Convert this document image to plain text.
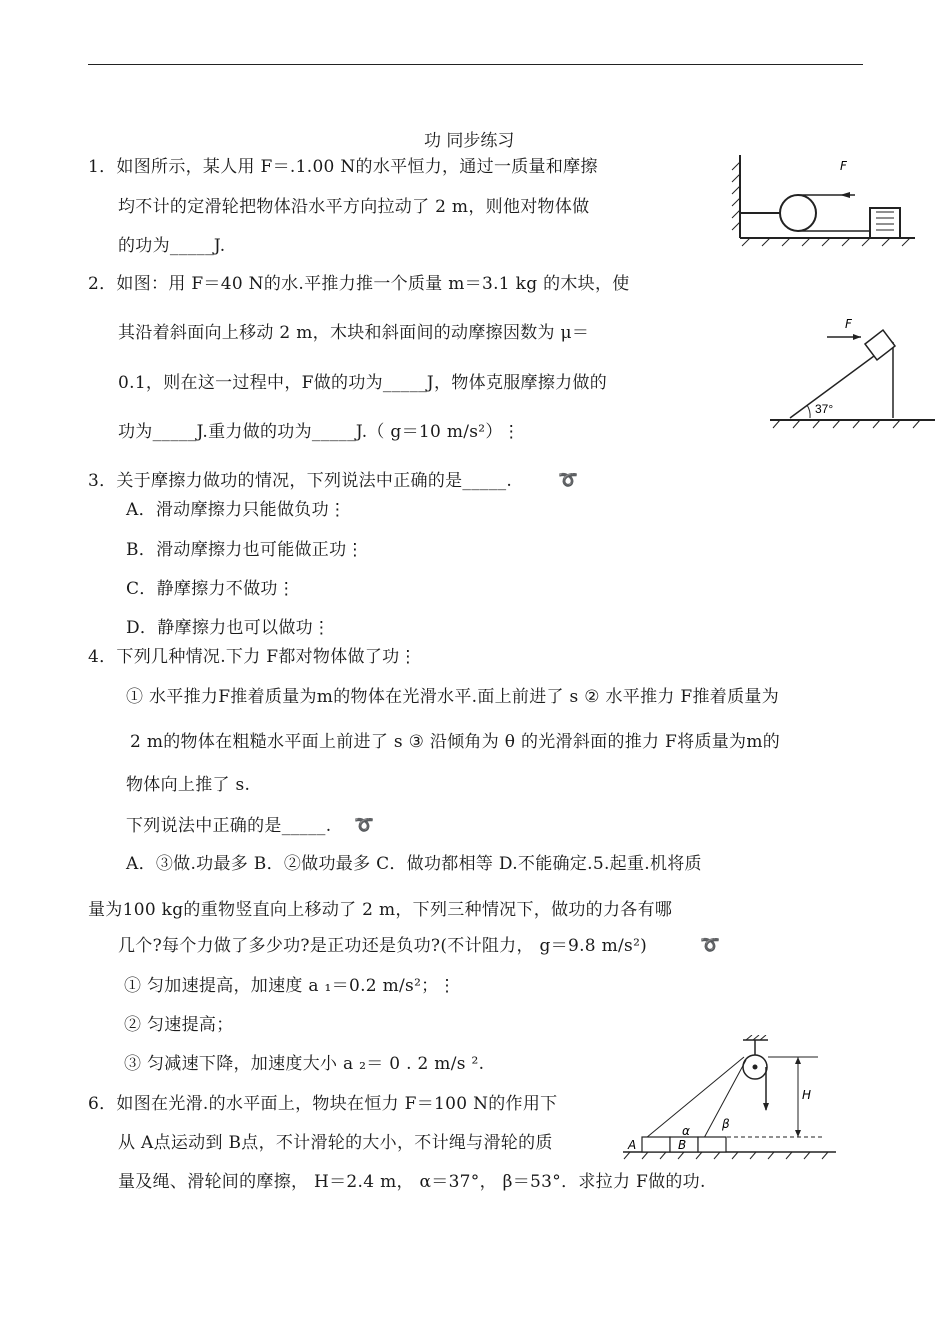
功 同步练习
1．如图所示，某人用 F＝.1.00 N的水平恒力，通过一质量和摩擦
均不计的定滑轮把物体沿水平方向拉动了 2 m，则他对物体做
的功为_____J.
2．如图：用 F＝40 N的水.平推力推一个质量 m＝3.1 kg 的木块，使
其沿着斜面向上移动 2 m，木块和斜面间的动摩擦因数为 μ＝
0.1，则在这一过程中，F做的功为_____J，物体克服摩擦力做的
功为_____J.重力做的功为_____J.（ g＝10 m/s²）⋮
3．关于摩擦力做功的情况，下列说法中正确的是_____.	➰
A．滑动摩擦力只能做负功⋮
B．滑动摩擦力也可能做正功⋮
C．静摩擦力不做功⋮
D．静摩擦力也可以做功⋮
4．下列几种情况.下力 F都对物体做了功⋮
① 水平推力F推着质量为m的物体在光滑水平.面上前进了 s ② 水平推力 F推着质量为
2 m的物体在粗糙水平面上前进了 s ③ 沿倾角为 θ 的光滑斜面的推力 F将质量为m的
物体向上推了 s.
下列说法中正确的是_____. ➰
A．③做.功最多 B．②做功最多 C．做功都相等 D.不能确定.5.起重.机将质
量为100 kg的重物竖直向上移动了 2 m，下列三种情况下，做功的力各有哪
几个?每个力做了多少功?是正功还是负功?(不计阻力， g＝9.8 m/s²)	➰
① 匀加速提高，加速度 a ₁＝0.2 m/s²；⋮
② 匀速提高；
③ 匀减速下降，加速度大小 a ₂＝ 0 . 2 m/s ².
6．如图在光滑.的水平面上，物块在恒力 F＝100 N的作用下
从 A点运动到 B点，不计滑轮的大小，不计绳与滑轮的质
量及绳、滑轮间的摩擦， H＝2.4 m， α＝37°， β＝53°．求拉力 F做的功.
F
F
37°
A	B
H
α	β
